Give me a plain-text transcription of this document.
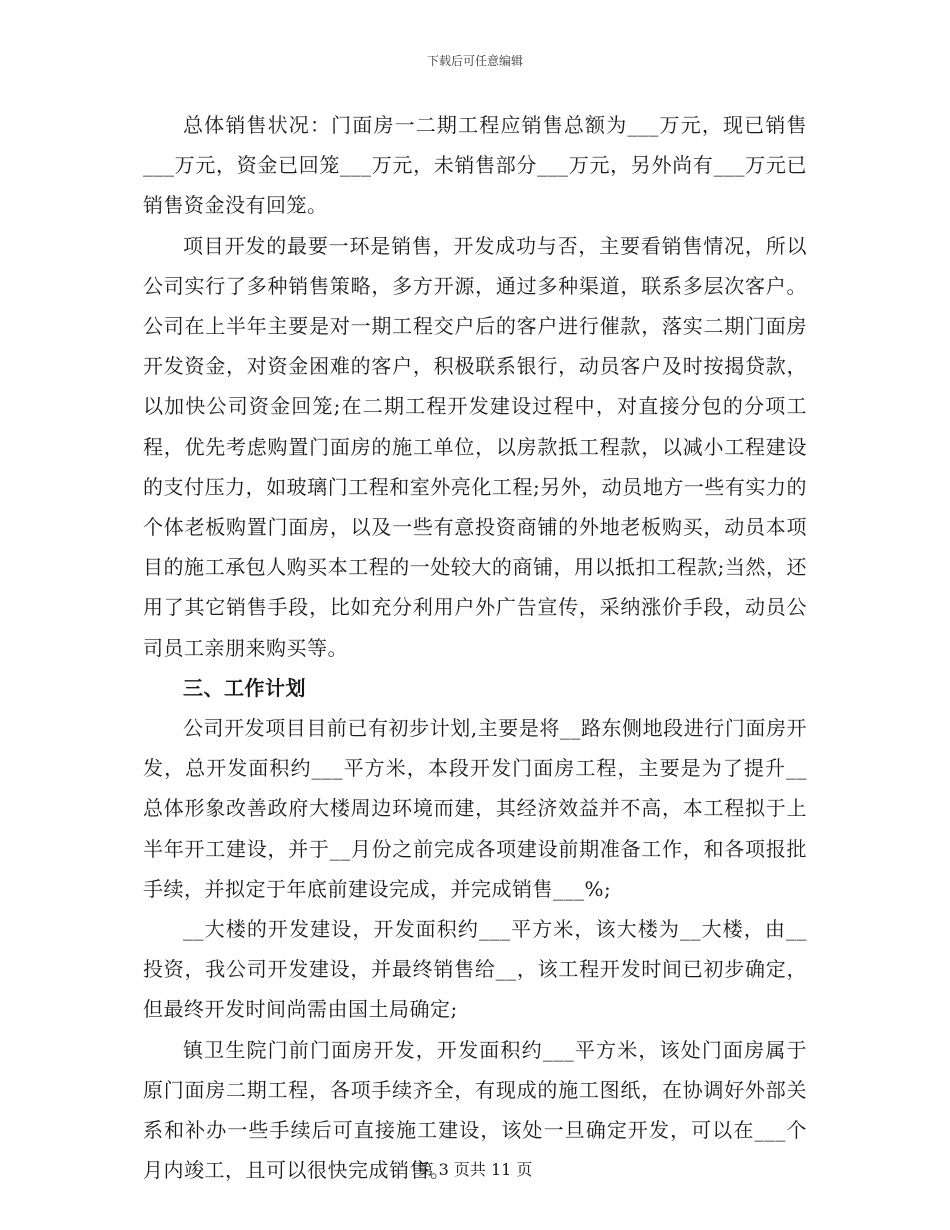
下载后可任意编辑

总体销售状况：门面房一二期工程应销售总额为___万元，现已销售___万元，资金已回笼___万元，未销售部分___万元，另外尚有___万元已销售资金没有回笼。

项目开发的最要一环是销售，开发成功与否，主要看销售情况，所以公司实行了多种销售策略，多方开源，通过多种渠道，联系多层次客户。公司在上半年主要是对一期工程交户后的客户进行催款，落实二期门面房开发资金，对资金困难的客户，积极联系银行，动员客户及时按揭贷款，以加快公司资金回笼;在二期工程开发建设过程中，对直接分包的分项工程，优先考虑购置门面房的施工单位，以房款抵工程款，以减小工程建设的支付压力，如玻璃门工程和室外亮化工程;另外，动员地方一些有实力的个体老板购置门面房，以及一些有意投资商铺的外地老板购买，动员本项目的施工承包人购买本工程的一处较大的商铺，用以抵扣工程款;当然，还用了其它销售手段，比如充分利用户外广告宣传，采纳涨价手段，动员公司员工亲朋来购买等。

三、工作计划

公司开发项目目前已有初步计划,主要是将__路东侧地段进行门面房开发，总开发面积约___平方米，本段开发门面房工程，主要是为了提升__总体形象改善政府大楼周边环境而建，其经济效益并不高，本工程拟于上半年开工建设，并于__月份之前完成各项建设前期准备工作，和各项报批手续，并拟定于年底前建设完成，并完成销售___%;

__大楼的开发建设，开发面积约___平方米，该大楼为__大楼，由__投资，我公司开发建设，并最终销售给__，该工程开发时间已初步确定，但最终开发时间尚需由国土局确定;

镇卫生院门前门面房开发，开发面积约___平方米，该处门面房属于原门面房二期工程，各项手续齐全，有现成的施工图纸，在协调好外部关系和补办一些手续后可直接施工建设，该处一旦确定开发，可以在___个月内竣工，且可以很快完成销售。

第 3 页共 11 页
